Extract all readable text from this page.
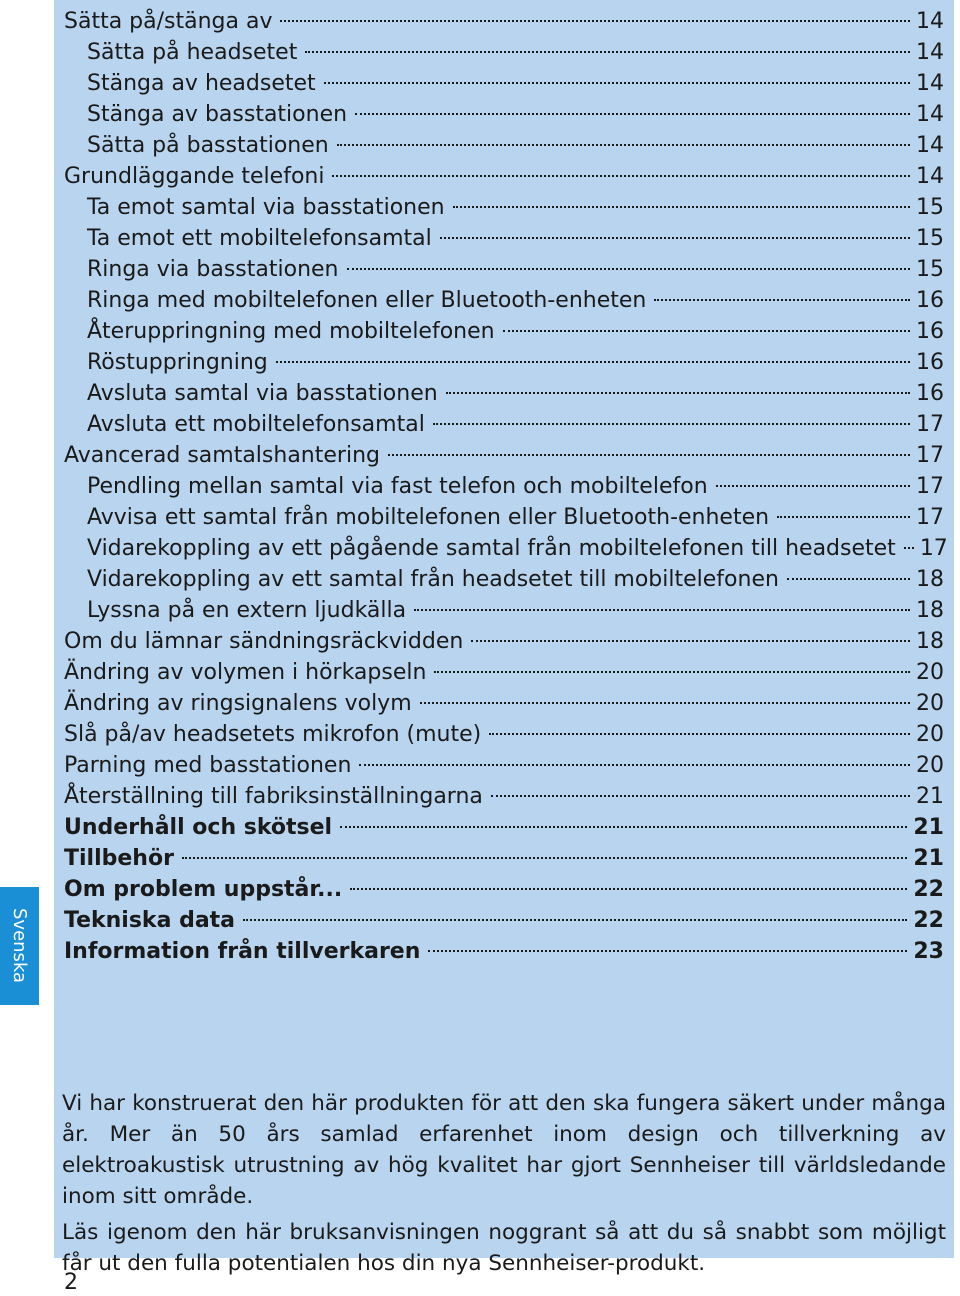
Svenska
Sätta på/stänga av	14
Sätta på headsetet	14
Stänga av headsetet	14
Stänga av basstationen	14
Sätta på basstationen	14
Grundläggande telefoni	14
Ta emot samtal via basstationen	15
Ta emot ett mobiltelefonsamtal	15
Ringa via basstationen	15
Ringa med mobiltelefonen eller Bluetooth-enheten	16
Återuppringning med mobiltelefonen	16
Röstuppringning	16
Avsluta samtal via basstationen	16
Avsluta ett mobiltelefonsamtal	17
Avancerad samtalshantering	17
Pendling mellan samtal via fast telefon och mobiltelefon	17
Avvisa ett samtal från mobiltelefonen eller Bluetooth-enheten	17
Vidarekoppling av ett pågående samtal från mobiltelefonen till headsetet 17
Vidarekoppling av ett samtal från headsetet till mobiltelefonen	18
Lyssna på en extern ljudkälla	18
Om du lämnar sändningsräckvidden	18
Ändring av volymen i hörkapseln	20
Ändring av ringsignalens volym	20
Slå på/av headsetets mikrofon (mute)	20
Parning med basstationen	20
Återställning till fabriksinställningarna	21
Underhåll och skötsel	21
Tillbehör	21
Om problem uppstår...	22
Tekniska data	22
Information från tillverkaren	23

Vi har konstruerat den här produkten för att den ska fungera säkert under många år. Mer än 50 års samlad erfarenhet inom design och tillverkning av elektroakustisk utrustning av hög kvalitet har gjort Sennheiser till världsledande inom sitt område.

Läs igenom den här bruksanvisningen noggrant så att du så snabbt som möjligt får ut den fulla potentialen hos din nya Sennheiser-produkt.

2
